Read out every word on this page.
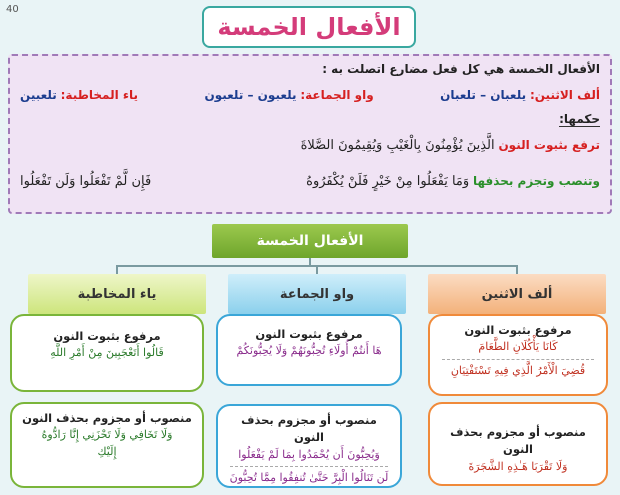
40
الأفعال الخمسة
الأفعال الخمسة هي كل فعل مضارع اتصلت به :
ألف الاثنين: يلعبان – تلعبان
واو الجماعة: يلعبون – تلعبون
ياء المخاطبة: تلعبين
حكمها:
ترفع بثبوت النون الَّذِينَ يُؤْمِنُونَ بِالْغَيْبِ وَيُقِيمُونَ الصَّلاةَ
وتنصب وتجزم بحذفها وَمَا يَفْعَلُوا مِنْ خَيْرٍ فَلَنْ يُكْفَرُوهُ
فَإِن لَّمْ تَفْعَلُوا وَلَن تَفْعَلُوا
الأفعال الخمسة
ألف الاثنين
واو الجماعة
ياء المخاطبة
مرفوع بثبوت النون
كَانَا يَأْكُلَانِ الطَّعَامَ
قُضِيَ الْأَمْرُ الَّذِي فِيهِ تَسْتَفْتِيَانِ
منصوب أو مجزوم بحذف النون
وَلَا تَقْرَبَا هَـٰذِهِ الشَّجَرَةَ
مرفوع بثبوت النون
هَا أَنتُمْ أُولَاءِ تُحِبُّونَهُمْ وَلَا يُحِبُّونَكُمْ
منصوب أو مجزوم بحذف النون
وَيُحِبُّونَ أَن يُحْمَدُوا بِمَا لَمْ يَفْعَلُوا
لَن تَنَالُوا الْبِرَّ حَتَّىٰ تُنفِقُوا مِمَّا تُحِبُّونَ
مرفوع بثبوت النون
قَالُوا أَتَعْجَبِينَ مِنْ أَمْرِ اللَّهِ
منصوب أو مجزوم بحذف النون
وَلَا تَخَافِي وَلَا تَحْزَنِي إِنَّا رَادُّوهُ
إِلَيْكِ
